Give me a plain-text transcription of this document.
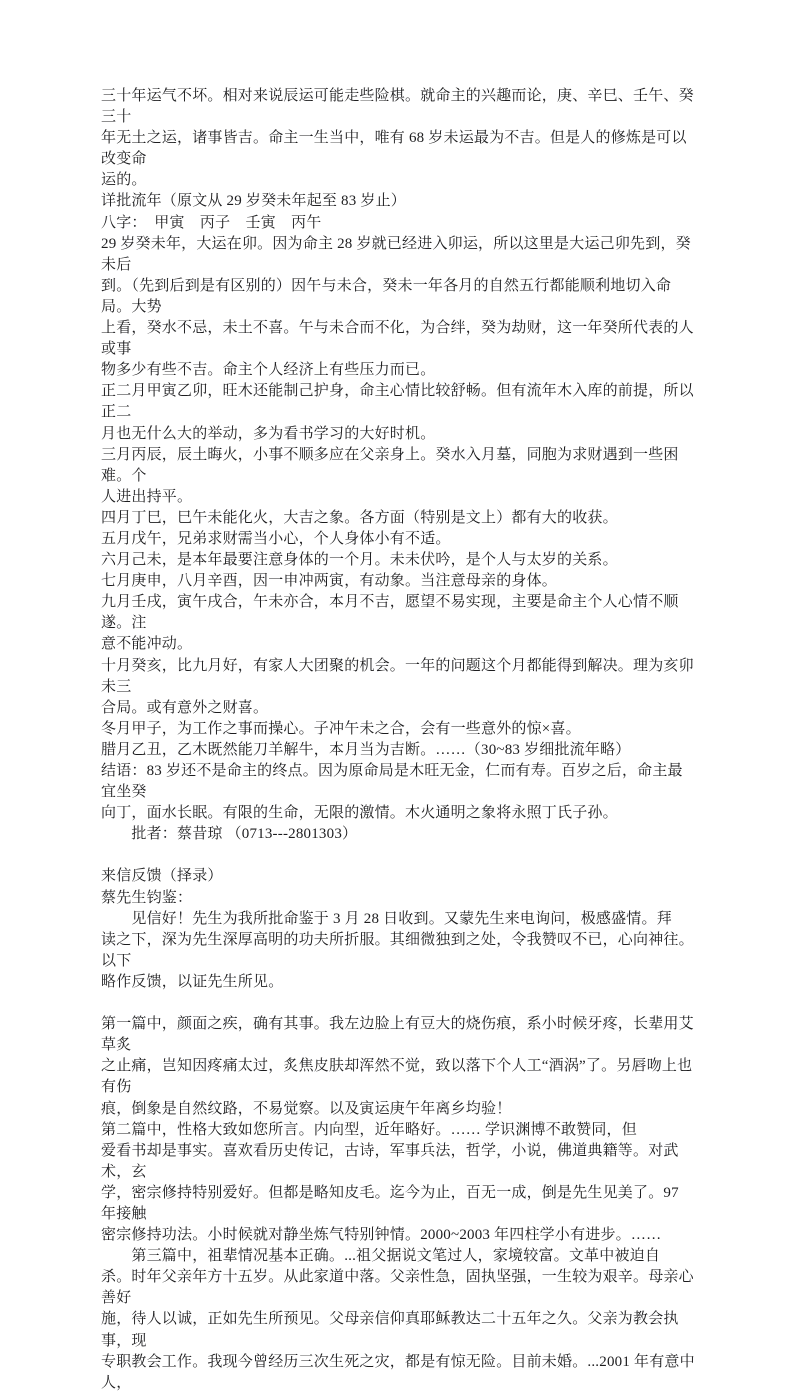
三十年运气不坏。相对来说辰运可能走些险棋。就命主的兴趣而论，庚、辛巳、壬午、癸三十
年无土之运，诸事皆吉。命主一生当中，唯有 68 岁未运最为不吉。但是人的修炼是可以改变命
运的。
详批流年（原文从 29 岁癸未年起至 83 岁止）
八字：　甲寅　丙子　壬寅　丙午
29 岁癸未年，大运在卯。因为命主 28 岁就已经进入卯运，所以这里是大运己卯先到，癸未后
到。（先到后到是有区别的）因午与未合，癸未一年各月的自然五行都能顺利地切入命局。大势
上看，癸水不忌，未土不喜。午与未合而不化，为合绊，癸为劫财，这一年癸所代表的人或事
物多少有些不吉。命主个人经济上有些压力而已。
正二月甲寅乙卯，旺木还能制己护身，命主心情比较舒畅。但有流年木入库的前提，所以正二
月也无什么大的举动，多为看书学习的大好时机。
三月丙辰，辰土晦火，小事不顺多应在父亲身上。癸水入月墓，同胞为求财遇到一些困难。个
人进出持平。
四月丁巳，巳午未能化火，大吉之象。各方面（特别是文上）都有大的收获。
五月戊午，兄弟求财需当小心，个人身体小有不适。
六月己未，是本年最要注意身体的一个月。未未伏吟，是个人与太岁的关系。
七月庚申，八月辛酉，因一申冲两寅，有动象。当注意母亲的身体。
九月壬戌，寅午戌合，午未亦合，本月不吉，愿望不易实现，主要是命主个人心情不顺遂。注
意不能冲动。
十月癸亥，比九月好，有家人大团聚的机会。一年的问题这个月都能得到解决。理为亥卯未三
合局。或有意外之财喜。
冬月甲子，为工作之事而操心。子冲午未之合，会有一些意外的惊×喜。
腊月乙丑，乙木既然能刀羊解牛，本月当为吉断。……（30~83 岁细批流年略）
结语：83 岁还不是命主的终点。因为原命局是木旺无金，仁而有寿。百岁之后，命主最宜坐癸
向丁，面水长眠。有限的生命，无限的激情。木火通明之象将永照丁氏子孙。
　　批者：蔡昔琼 （0713---2801303）
来信反馈（择录）
蔡先生钧鉴：
　　见信好！先生为我所批命鉴于 3 月 28 日收到。又蒙先生来电询问，极感盛情。拜
读之下，深为先生深厚高明的功夫所折服。其细微独到之处，令我赞叹不已，心向神往。以下
略作反馈，以证先生所见。
第一篇中，颜面之疾，确有其事。我左边脸上有豆大的烧伤痕，系小时候牙疼，长辈用艾草炙
之止痛，岂知因疼痛太过，炙焦皮肤却浑然不觉，致以落下个人工“酒涡”了。另唇吻上也有伤
痕，倒象是自然纹路，不易觉察。以及寅运庚午年离乡均验！
第二篇中，性格大致如您所言。内向型，近年略好。…… 学识渊博不敢赞同，但
爱看书却是事实。喜欢看历史传记，古诗，军事兵法，哲学，小说，佛道典籍等。对武术，玄
学，密宗修持特别爱好。但都是略知皮毛。迄今为止，百无一成，倒是先生见美了。97 年接触
密宗修持功法。小时候就对静坐炼气特别钟情。2000~2003 年四柱学小有进步。……
　　第三篇中，祖辈情况基本正确。...祖父据说文笔过人，家境较富。文革中被迫自
杀。时年父亲年方十五岁。从此家道中落。父亲性急，固执坚强，一生较为艰辛。母亲心善好
施，待人以诚，正如先生所预见。父母亲信仰真耶稣教达二十五年之久。父亲为教会执事，现
专职教会工作。我现今曾经历三次生死之灾，都是有惊无险。目前未婚。...2001 年有意中人，
